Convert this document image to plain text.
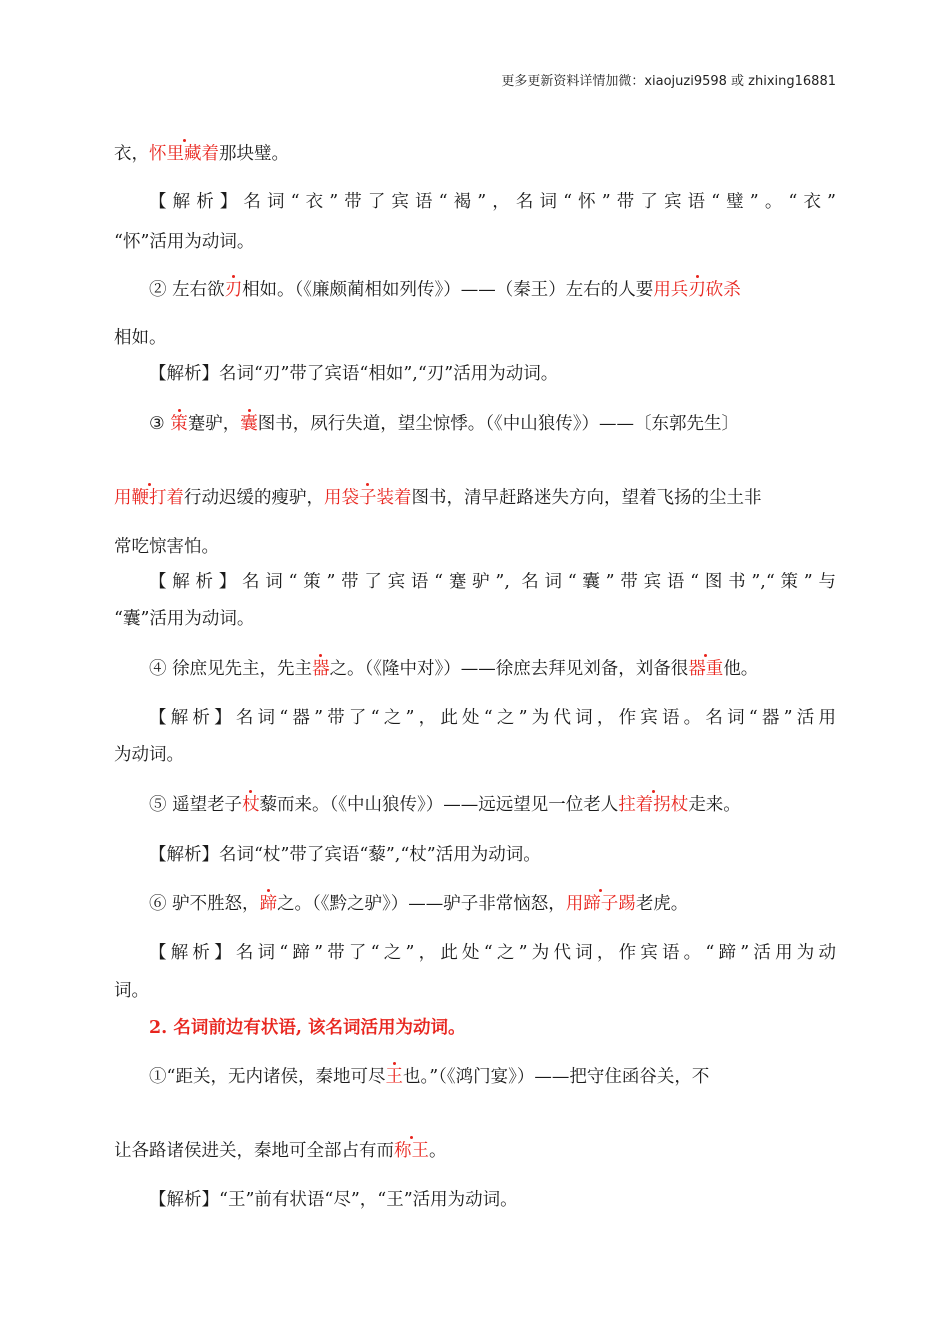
更多更新资料详情加微：xiaojuzi9598 或 zhixing16881
衣，怀里藏着那块璧。
【解析】名词“衣”带了宾语“褐”，名词“怀”带了宾语“璧”。“衣”
“怀”活用为动词。
② 左右欲刃相如。（《廉颇蔺相如列传》）——（秦王）左右的人要用兵刃砍杀
相如。
【解析】名词“刃”带了宾语“相如”,“刃”活用为动词。
③ 策蹇驴，囊图书，夙行失道，望尘惊悸。（《中山狼传》）——〔东郭先生〕
用鞭打着行动迟缓的瘦驴，用袋子装着图书，清早赶路迷失方向，望着飞扬的尘土非
常吃惊害怕。
【解析】名词“策”带了宾语“蹇驴”, 名词“囊”带宾语“图书”,“策”与
“囊”活用为动词。
④ 徐庶见先主，先主器之。（《隆中对》）——徐庶去拜见刘备，刘备很器重他。
【解析】名词“器”带了“之”，此处“之”为代词，作宾语。名词“器”活用
为动词。
⑤ 遥望老子杖藜而来。（《中山狼传》）——远远望见一位老人拄着拐杖走来。
【解析】名词“杖”带了宾语“藜”,“杖”活用为动词。
⑥ 驴不胜怒，蹄之。（《黔之驴》）——驴子非常恼怒，用蹄子踢老虎。
【解析】名词“蹄”带了“之”，此处“之”为代词，作宾语。“蹄”活用为动
词。
2. 名词前边有状语, 该名词活用为动词。
①“距关，无内诸侯，秦地可尽王也。”（《鸿门宴》）——把守住函谷关，不
让各路诸侯进关，秦地可全部占有而称王。
【解析】“王”前有状语“尽”，“王”活用为动词。
